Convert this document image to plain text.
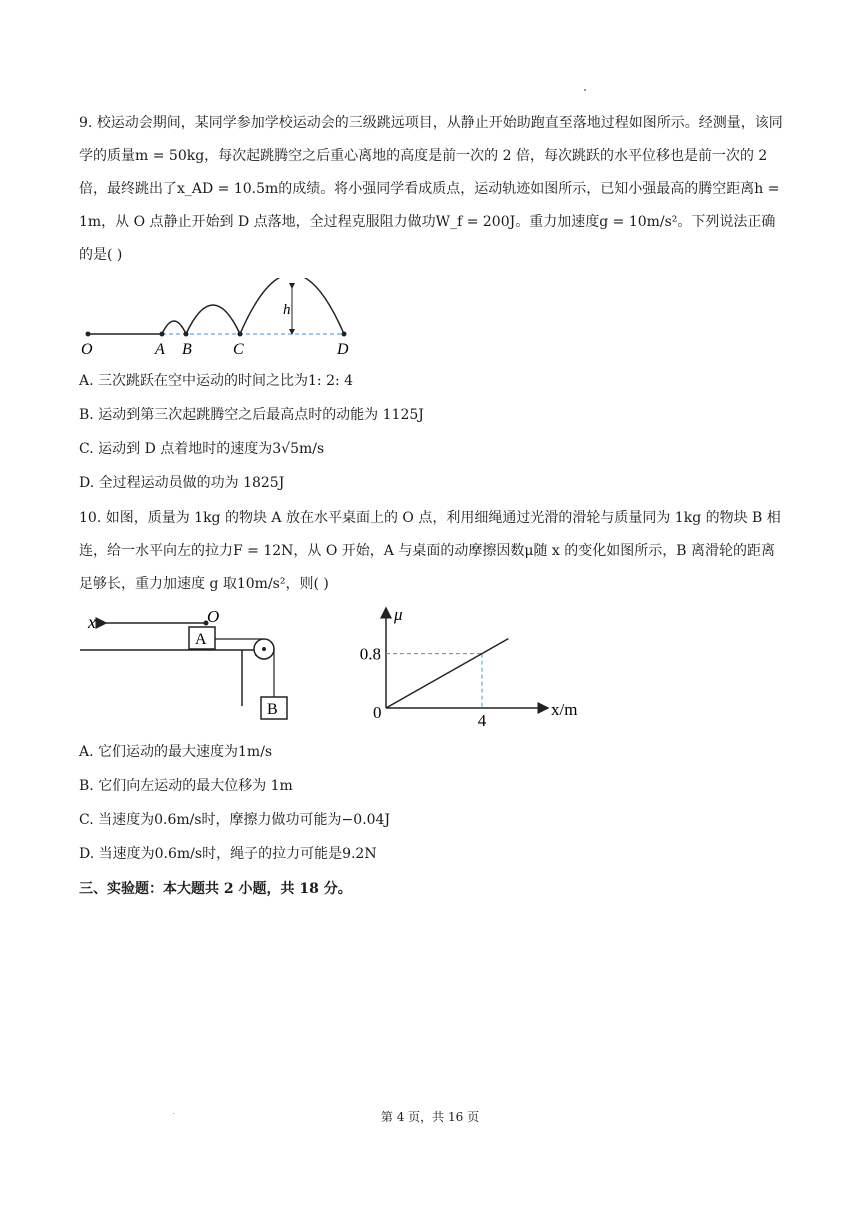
9. 校运动会期间，某同学参加学校运动会的三级跳远项目，从静止开始助跑直至落地过程如图所示。经测量，该同学的质量m = 50kg，每次起跳腾空之后重心离地的高度是前一次的 2 倍，每次跳跃的水平位移也是前一次的 2 倍，最终跳出了x_AD = 10.5m的成绩。将小强同学看成质点，运动轨迹如图所示，已知小强最高的腾空距离h = 1m，从 O 点静止开始到 D 点落地，全过程克服阻力做功W_f = 200J。重力加速度g = 10m/s²。下列说法正确的是( )

h
O	A B	C	D

A. 三次跳跃在空中运动的时间之比为1: 2: 4

B. 运动到第三次起跳腾空之后最高点时的动能为 1125J

C. 运动到 D 点着地时的速度为3√5m/s

D. 全过程运动员做的功为 1825J

10. 如图，质量为 1kg 的物块 A 放在水平桌面上的 O 点，利用细绳通过光滑的滑轮与质量同为 1kg 的物块 B 相连，给一水平向左的拉力F = 12N，从 O 开始，A 与桌面的动摩擦因数μ随 x 的变化如图所示，B 离滑轮的距离足够长，重力加速度 g 取10m/s²，则( )

x	O
A
B
μ
x/m
0
0.8
4

A. 它们运动的最大速度为1m/s

B. 它们向左运动的最大位移为 1m

C. 当速度为0.6m/s时，摩擦力做功可能为−0.04J

D. 当速度为0.6m/s时，绳子的拉力可能是9.2N

三、实验题：本大题共 2 小题，共 18 分。

第 4 页，共 16 页
